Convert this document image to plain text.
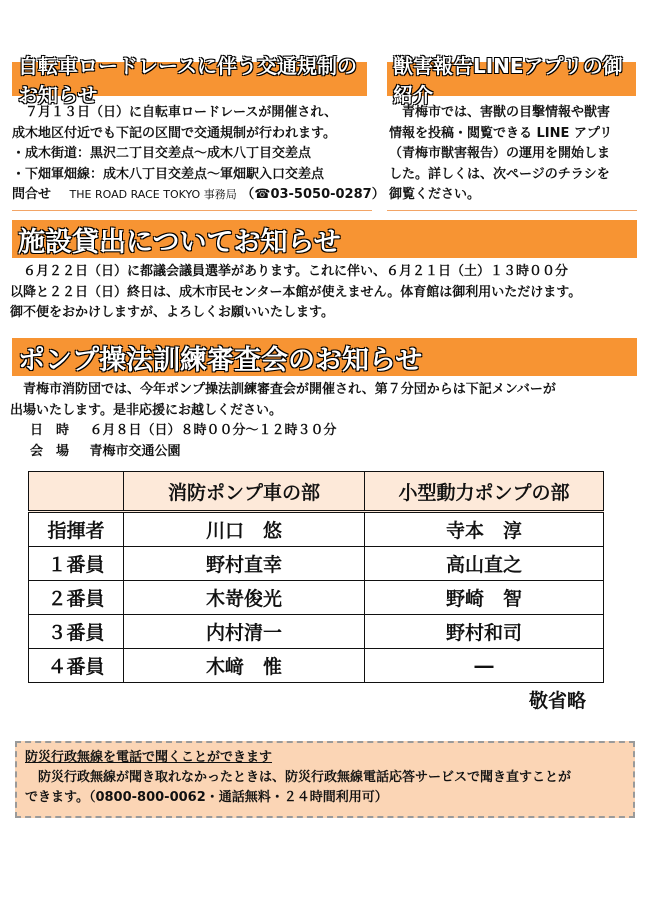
自転車ロードレースに伴う交通規制のお知らせ

　７月１３日（日）に自転車ロードレースが開催され、

成木地区付近でも下記の区間で交通規制が行われます。

・成木街道：黒沢二丁目交差点～成木八丁目交差点

・下畑軍畑線：成木八丁目交差点～軍畑駅入口交差点

問合せ THE ROAD RACE TOKYO 事務局 （☎03-5050-0287）

獣害報告LINEアプリの御紹介

　青梅市では、害獣の目撃情報や獣害

情報を投稿・閲覧できる LINE アプリ

（青梅市獣害報告）の運用を開始しま

した。詳しくは、次ページのチラシを

御覧ください。

施設貸出についてお知らせ

　６月２２日（日）に都議会議員選挙があります。これに伴い、６月２１日（土）１３時００分

以降と２２日（日）終日は、成木市民センター本館が使えません。体育館は御利用いただけます。

御不便をおかけしますが、よろしくお願いいたします。

ポンプ操法訓練審査会のお知らせ

　青梅市消防団では、今年ポンプ操法訓練審査会が開催され、第７分団からは下記メンバーが

出場いたします。是非応援にお越しください。

日　時 ６月８日（日）８時００分～１２時３０分

会　場 青梅市交通公園

	消防ポンプ車の部	小型動力ポンプの部
指揮者	川口　悠	寺本　淳
１番員	野村直幸	高山直之
２番員	木嵜俊光	野崎　智
３番員	内村清一	野村和司
４番員	木﨑　惟	―
敬省略

防災行政無線を電話で聞くことができます

　防災行政無線が聞き取れなかったときは、防災行政無線電話応答サービスで聞き直すことが

できます。（0800-800-0062・通話無料・２４時間利用可）
